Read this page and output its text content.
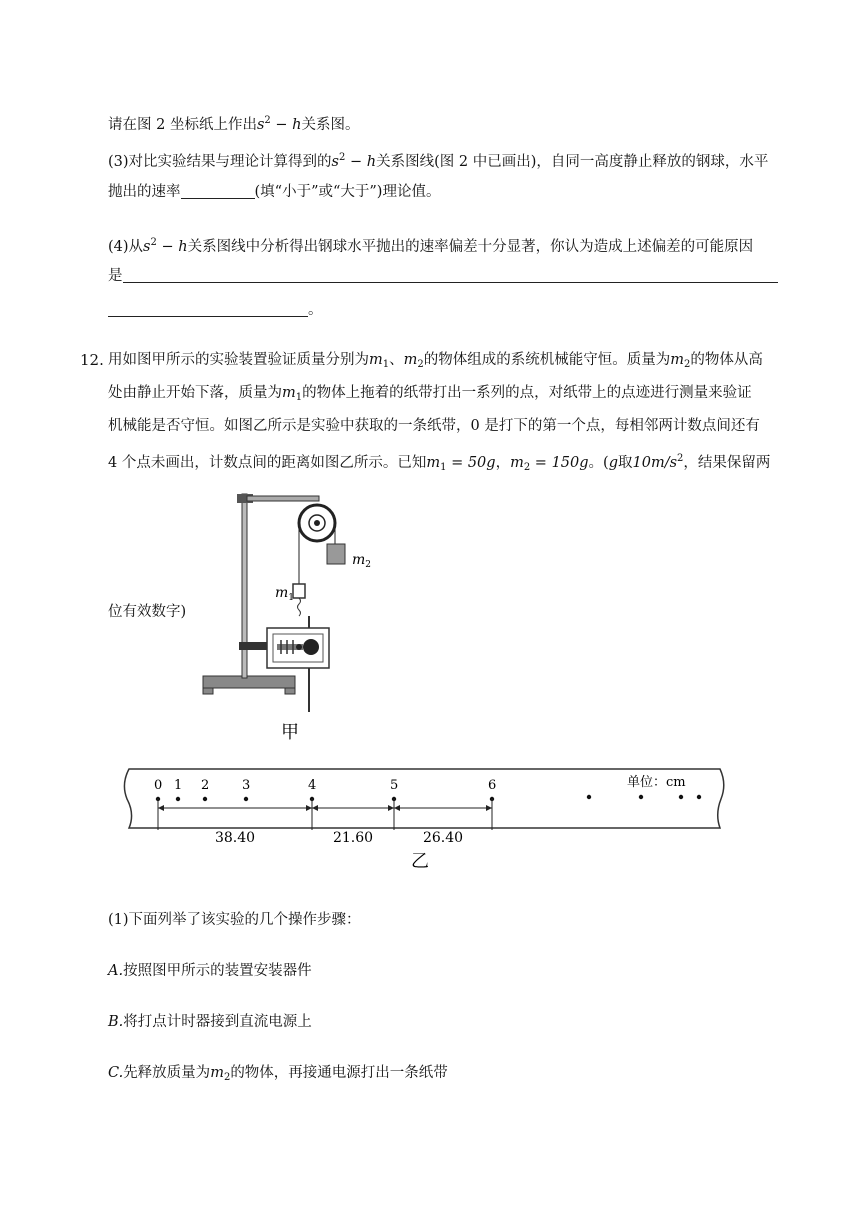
请在图 2 坐标纸上作出$s^2 - h$关系图。
(3)对比实验结果与理论计算得到的$s^2 - h$关系图线(图 2 中已画出)，自同一高度静止释放的钢球，水平
抛出的速率	(填“小于”或“大于”)理论值。
(4)从$s^2 - h$关系图线中分析得出钢球水平抛出的速率偏差十分显著，你认为造成上述偏差的可能原因
是
。
12. 用如图甲所示的实验装置验证质量分别为$m_1$、$m_2$的物体组成的系统机械能守恒。质量为$m_2$的物体从高
处由静止开始下落，质量为$m_1$的物体上拖着的纸带打出一系列的点，对纸带上的点迹进行测量来验证
机械能是否守恒。如图乙所示是实验中获取的一条纸带，0 是打下的第一个点，每相邻两计数点间还有
4 个点未画出，计数点间的距离如图乙所示。已知$m_1 = 50g$，$m_2 = 150g$。(g取$10m/s^2$，结果保留两
位有效数字)
$m_2$
$m_1$
甲
0 1 2	3	4	5	6	单位：cm
38.40	21.60	26.40
乙
(1)下面列举了该实验的几个操作步骤：
A.按照图甲所示的装置安装器件
B.将打点计时器接到直流电源上
C.先释放质量为$m_2$的物体，再接通电源打出一条纸带
